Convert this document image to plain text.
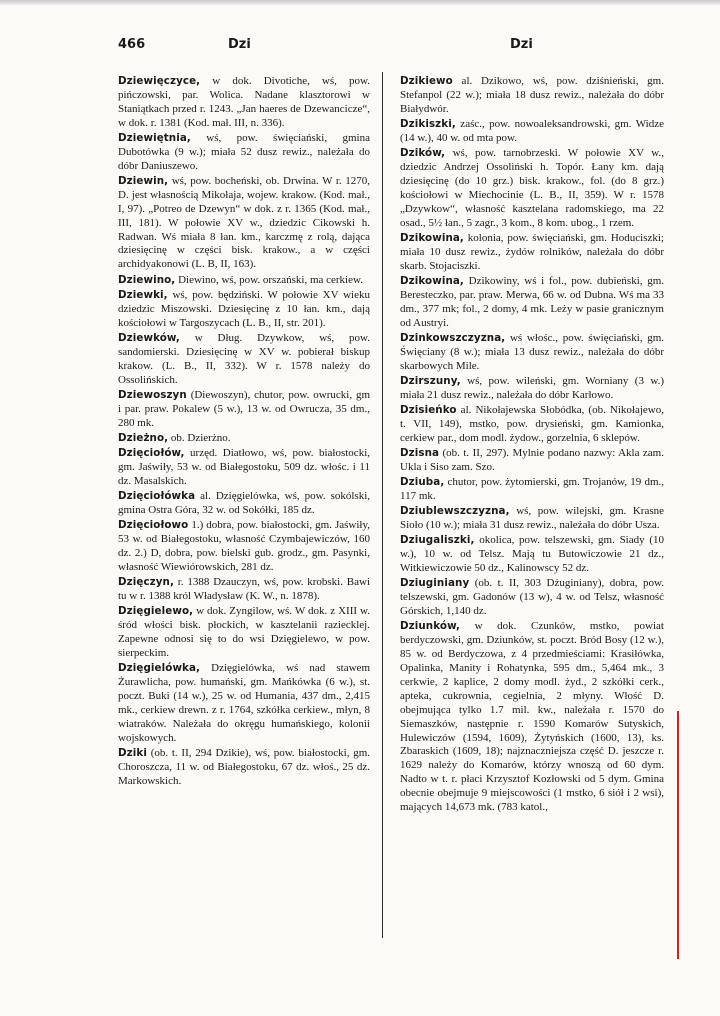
466	Dzi	Dzi

Dziewięczyce, w dok. Divotiche, wś, pow. pińczowski, par. Wolica. Nadane klasztorowi w Staniątkach przed r. 1243. „Jan haeres de Dzewancicze“, w dok. r. 1381 (Kod. mał. III, n. 336).

Dziewiętnia, wś, pow. święciański, gmina Dubotówka (9 w.); miała 52 dusz rewiz., należała do dóbr Daniuszewo.

Dziewin, wś, pow. bocheński, ob. Drwina. W r. 1270, D. jest własnością Mikołaja, wojew. krakow. (Kod. mał., I, 97). „Potreo de Dzewyn“ w dok. z r. 1365 (Kod. mał., III, 181). W połowie XV w., dziedzic Cikowski h. Radwan. Wś miała 8 łan. km., karczmę z rolą, dająca dziesięcinę w części bisk. krakow., a w części archidyakonowi (L. B, II, 163).

Dziewino, Diewino, wś, pow. orszański, ma cerkiew.

Dziewki, wś, pow. będziński. W połowie XV wieku dziedzic Miszowski. Dziesięcinę z 10 łan. km., dają kościołowi w Targoszycach (L. B., II, str. 201).

Dziewków, w Dług. Dzywkow, wś, pow. sandomierski. Dziesięcinę w XV w. pobierał biskup krakow. (L. B., II, 332). W r. 1578 należy do Ossolińskich.

Dziewoszyn (Diewoszyn), chutor, pow. owrucki, gm i par. praw. Pokalew (5 w.), 13 w. od Owrucza, 35 dm., 280 mk.

Dzieżno, ob. Dzierżno.

Dzięciołów, urzęd. Diatłowo, wś, pow. białostocki, gm. Jaświły, 53 w. od Białegostoku, 509 dz. włośc. i 11 dz. Masalskich.

Dzięciołówka al. Dzięgielówka, wś, pow. sokólski, gmina Ostra Góra, 32 w. od Sokółki, 185 dz.

Dzięciołowo 1.) dobra, pow. białostocki, gm. Jaświły, 53 w. od Białegostoku, własność Czymbajewiczów, 160 dz. 2.) D, dobra, pow. bielski gub. grodz., gm. Pasynki, własność Wiewiórowskich, 281 dz.

Dzięczyn, r. 1388 Dzauczyn, wś, pow. krobski. Bawi tu w r. 1388 król Władysław (K. W., n. 1878).

Dzięgielewo, w dok. Zyngilow, wś. W dok. z XIII w. śród włości bisk. płockich, w kasztelanii raziecklej. Zapewne odnosi się to do wsi Dzięgielewo, w pow. sierpeckim.

Dzięgielówka, Dzięgielówka, wś nad stawem Żurawlicha, pow. humański, gm. Mańkówka (6 w.), st. poczt. Buki (14 w.), 25 w. od Humania, 437 dm., 2,415 mk., cerkiew drewn. z r. 1764, szkółka cerkiew., młyn, 8 wiatraków. Należała do okręgu humańskiego, kolonii wojskowych.

Dziki (ob. t. II, 294 Dzikie), wś, pow. białostocki, gm. Choroszcza, 11 w. od Białegostoku, 67 dz. włoś., 25 dz. Markowskich.

Dzikiewo al. Dzikowo, wś, pow. dziśnieński, gm. Stefanpol (22 w.); miała 18 dusz rewiz., należała do dóbr Białydwór.

Dzikiszki, zaśc., pow. nowoaleksandrowski, gm. Widze (14 w.), 40 w. od mta pow.

Dzików, wś, pow. tarnobrzeski. W połowie XV w., dziedzic Andrzej Ossoliński h. Topór. Łany km. dają dziesięcinę (do 10 grz.) bisk. krakow., fol. (do 8 grz.) kościołowi w Miechocinie (L. B., II, 359). W r. 1578 „Dzywkow“, własność kasztelana radomskiego, ma 22 osad., 5½ łan., 5 zagr., 3 kom., 8 kom. ubog., 1 rzem.

Dzikowina, kolonia, pow. święciański, gm. Hoduciszki; miała 10 dusz rewiz., żydów rolników, należała do dóbr skarb. Stojaciszki.

Dzikowina, Dzikowiny, wś i fol., pow. dubieński, gm. Beresteczko, par. praw. Merwa, 66 w. od Dubna. Wś ma 33 dm., 377 mk; fol., 2 domy, 4 mk. Leży w pasie granicznym od Austryi.

Dzinkowszczyzna, wś włośc., pow. święciański, gm. Święciany (8 w.); miała 13 dusz rewiz., należała do dóbr skarbowych Mile.

Dzirszuny, wś, pow. wileński, gm. Worniany (3 w.) miała 21 dusz rewiz., należała do dóbr Karłowo.

Dzisieńko al. Nikołajewska Słobódka, (ob. Nikołajewo, t. VII, 149), mstko, pow. drysieński, gm. Kamionka, cerkiew par., dom modl. żydow., gorzelnia, 6 sklepów.

Dzisna (ob. t. II, 297). Mylnie podano nazwy: Akla zam. Ukla i Siso zam. Szo.

Dziuba, chutor, pow. żytomierski, gm. Trojanów, 19 dm., 117 mk.

Dziublewszczyzna, wś, pow. wilejski, gm. Krasne Sioło (10 w.); miała 31 dusz rewiz., należała do dóbr Usza.

Dziugaliszki, okolica, pow. telszewski, gm. Siady (10 w.), 10 w. od Telsz. Mają tu Butowiczowie 21 dz., Witkiewiczowie 50 dz., Kalinowscy 52 dz.

Dziuginiany (ob. t. II, 303 Dżuginiany), dobra, pow. telszewski, gm. Gadonów (13 w), 4 w. od Telsz, własność Górskich, 1,140 dz.

Dziunków, w dok. Czunków, mstko, powiat berdyczowski, gm. Dziunków, st. poczt. Bród Bosy (12 w.), 85 w. od Berdyczowa, z 4 przedmieściami: Krasiłówka, Opalinka, Manity i Rohatynka, 595 dm., 5,464 mk., 3 cerkwie, 2 kaplice, 2 domy modl. żyd., 2 szkółki cerk., apteka, cukrownia, cegielnia, 2 młyny. Włość D. obejmująca tylko 1.7 mil. kw., należała r. 1570 do Siemaszków, następnie r. 1590 Komarów Sutyskich, Hulewiczów (1594, 1609), Żytyńskich (1600, 13), ks. Zbaraskich (1609, 18); najznaczniejsza część D. jeszcze r. 1629 należy do Komarów, którzy wnoszą od 60 dym. Nadto w t. r. płaci Krzysztof Kozłowski od 5 dym. Gmina obecnie obejmuje 9 miejscowości (1 mstko, 6 siół i 2 wsi), mających 14,673 mk. (783 katol.,
